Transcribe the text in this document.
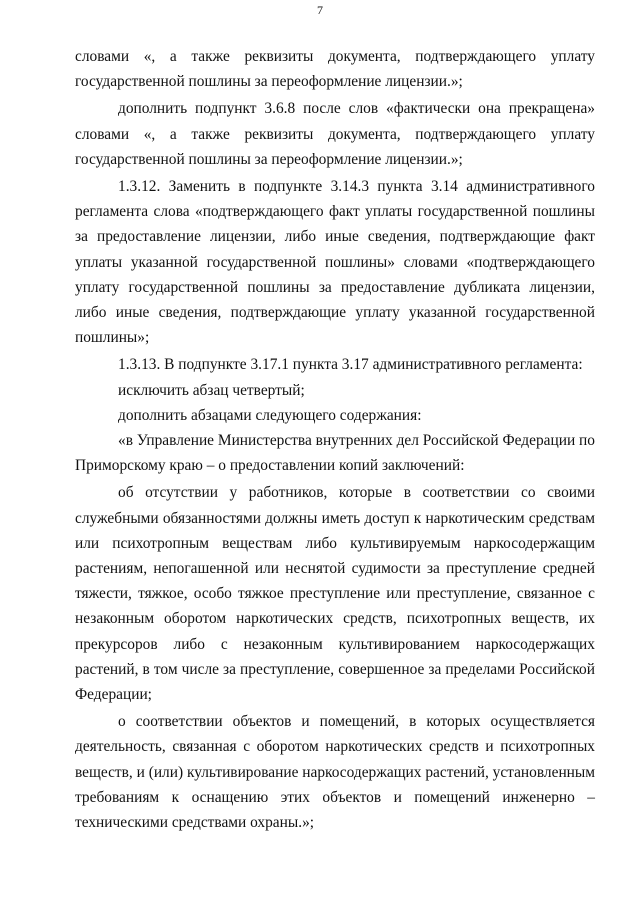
7

словами «, а также реквизиты документа, подтверждающего уплату государственной пошлины за переоформление лицензии.»;

дополнить подпункт 3.6.8 после слов «фактически она прекращена» словами «, а также реквизиты документа, подтверждающего уплату государственной пошлины за переоформление лицензии.»;

1.3.12. Заменить в подпункте 3.14.3 пункта 3.14 административного регламента слова «подтверждающего факт уплаты государственной пошлины за предоставление лицензии, либо иные сведения, подтверждающие факт уплаты указанной государственной пошлины» словами «подтверждающего уплату государственной пошлины за предоставление дубликата лицензии, либо иные сведения, подтверждающие уплату указанной государственной пошлины»;

1.3.13. В подпункте 3.17.1 пункта 3.17 административного регламента:

исключить абзац четвертый;

дополнить абзацами следующего содержания:

«в Управление Министерства внутренних дел Российской Федерации по Приморскому краю – о предоставлении копий заключений:

об отсутствии у работников, которые в соответствии со своими служебными обязанностями должны иметь доступ к наркотическим средствам или психотропным веществам либо культивируемым наркосодержащим растениям, непогашенной или неснятой судимости за преступление средней тяжести, тяжкое, особо тяжкое преступление или преступление, связанное с незаконным оборотом наркотических средств, психотропных веществ, их прекурсоров либо с незаконным культивированием наркосодержащих растений, в том числе за преступление, совершенное за пределами Российской Федерации;

о соответствии объектов и помещений, в которых осуществляется деятельность, связанная с оборотом наркотических средств и психотропных веществ, и (или) культивирование наркосодержащих растений, установленным требованиям к оснащению этих объектов и помещений инженерно – техническими средствами охраны.»;
